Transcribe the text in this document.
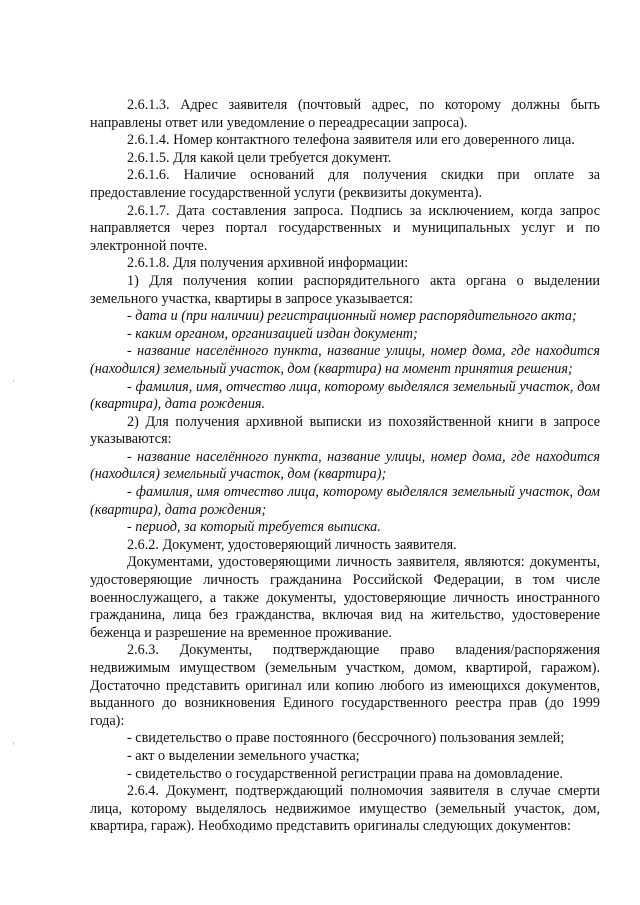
2.6.1.3. Адрес заявителя (почтовый адрес, по которому должны быть направлены ответ или уведомление о переадресации запроса).

2.6.1.4. Номер контактного телефона заявителя или его доверенного лица.

2.6.1.5. Для какой цели требуется документ.

2.6.1.6. Наличие оснований для получения скидки при оплате за предоставление государственной услуги (реквизиты документа).

2.6.1.7. Дата составления запроса. Подпись за исключением, когда запрос направляется через портал государственных и муниципальных услуг и по электронной почте.

2.6.1.8. Для получения архивной информации:

1) Для получения копии распорядительного акта органа о выделении земельного участка, квартиры в запросе указывается:

- дата и (при наличии) регистрационный номер распорядительного акта;

- каким органом, организацией издан документ;

- название населённого пункта, название улицы, номер дома, где находится (находился) земельный участок, дом (квартира) на момент принятия решения;

- фамилия, имя, отчество лица, которому выделялся земельный участок, дом (квартира), дата рождения.

2) Для получения архивной выписки из похозяйственной книги в запросе указываются:

- название населённого пункта, название улицы, номер дома, где находится (находился) земельный участок, дом (квартира);

- фамилия, имя отчество лица, которому выделялся земельный участок, дом (квартира), дата рождения;

- период, за который требуется выписка.

2.6.2. Документ, удостоверяющий личность заявителя.

Документами, удостоверяющими личность заявителя, являются: документы, удостоверяющие личность гражданина Российской Федерации, в том числе военнослужащего, а также документы, удостоверяющие личность иностранного гражданина, лица без гражданства, включая вид на жительство, удостоверение беженца и разрешение на временное проживание.

2.6.3. Документы, подтверждающие право владения/распоряжения недвижимым имуществом (земельным участком, домом, квартирой, гаражом). Достаточно представить оригинал или копию любого из имеющихся документов, выданного до возникновения Единого государственного реестра прав (до 1999 года):

- свидетельство о праве постоянного (бессрочного) пользования землей;

- акт о выделении земельного участка;

- свидетельство о государственной регистрации права на домовладение.

2.6.4. Документ, подтверждающий полномочия заявителя в случае смерти лица, которому выделялось недвижимое имущество (земельный участок, дом, квартира, гараж). Необходимо представить оригиналы следующих документов:
